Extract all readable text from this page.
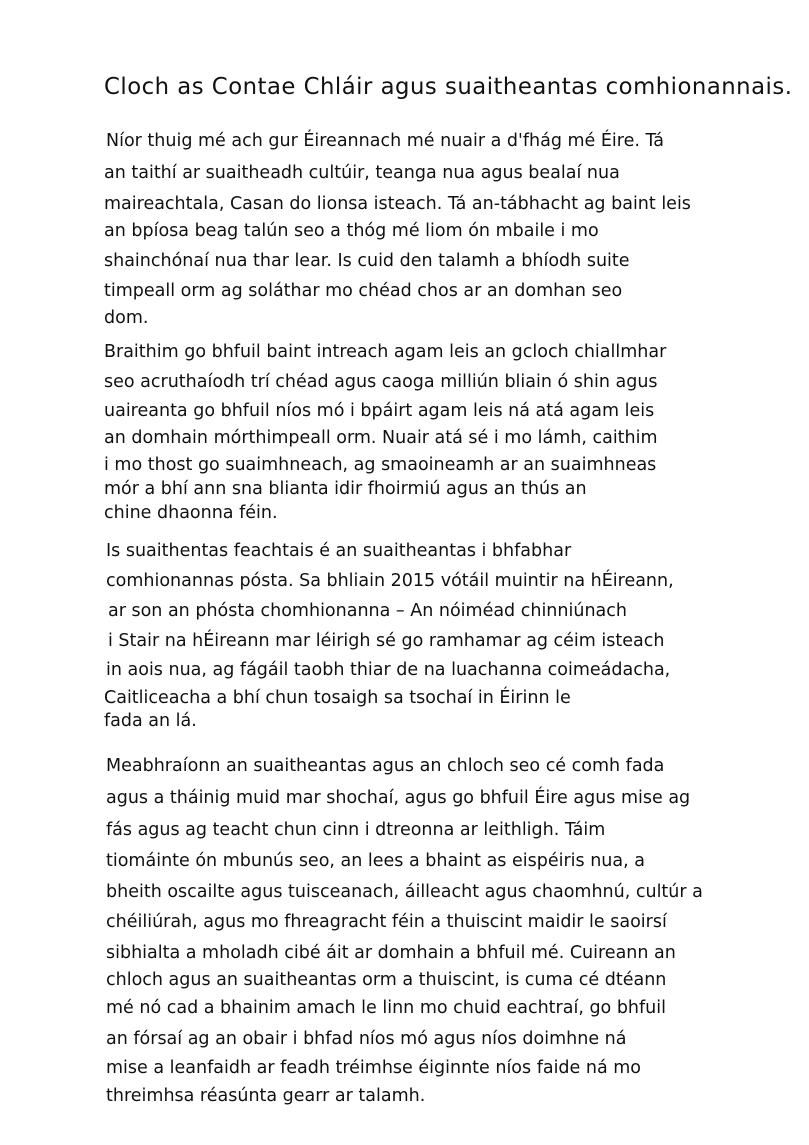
Cloch as Contae Chláir agus suaitheantas comhionannais.
Níor thuig mé ach gur Éireannach mé nuair a d'fhág mé Éire. Tá
an taithí ar suaitheadh cultúir, teanga nua agus bealaí nua
maireachtala, Casan do lionsa isteach. Tá an-tábhacht ag baint leis
an bpíosa beag talún seo a thóg mé liom ón mbaile i mo
shainchónaí nua thar lear. Is cuid den talamh a bhíodh suite
timpeall orm ag soláthar mo chéad chos ar an domhan seo
dom.
Braithim go bhfuil baint intreach agam leis an gcloch chiallmhar
seo acruthaíodh trí chéad agus caoga milliún bliain ó shin agus
uaireanta go bhfuil níos mó i bpáirt agam leis ná atá agam leis
an domhain mórthimpeall orm. Nuair atá sé i mo lámh, caithim
i mo thost go suaimhneach, ag smaoineamh ar an suaimhneas
mór a bhí ann sna blianta idir fhoirmiú agus an thús an
chine dhaonna féin.
Is suaithentas feachtais é an suaitheantas i bhfabhar
comhionannas pósta. Sa bhliain 2015 vótáil muintir na hÉireann,
ar son an phósta chomhionanna – An nóiméad chinniúnach
i Stair na hÉireann mar léirigh sé go ramhamar ag céim isteach
in aois nua, ag fágáil taobh thiar de na luachanna coimeádacha,
Caitliceacha a bhí chun tosaigh sa tsochaí in Éirinn le
fada an lá.
Meabhraíonn an suaitheantas agus an chloch seo cé comh fada
agus a tháinig muid mar shochaí, agus go bhfuil Éire agus mise ag
fás agus ag teacht chun cinn i dtreonna ar leithligh. Táim
tiomáinte ón mbunús seo, an lees a bhaint as eispéiris nua, a
bheith oscailte agus tuisceanach, áilleacht agus chaomhnú, cultúr a
chéiliúrah, agus mo fhreagracht féin a thuiscint maidir le saoirsí
sibhialta a mholadh cibé áit ar domhain a bhfuil mé. Cuireann an
chloch agus an suaitheantas orm a thuiscint, is cuma cé dtéann
mé nó cad a bhainim amach le linn mo chuid eachtraí, go bhfuil
an fórsaí ag an obair i bhfad níos mó agus níos doimhne ná
mise a leanfaidh ar feadh tréimhse éiginnte níos faide ná mo
threimhsa réasúnta gearr ar talamh.
